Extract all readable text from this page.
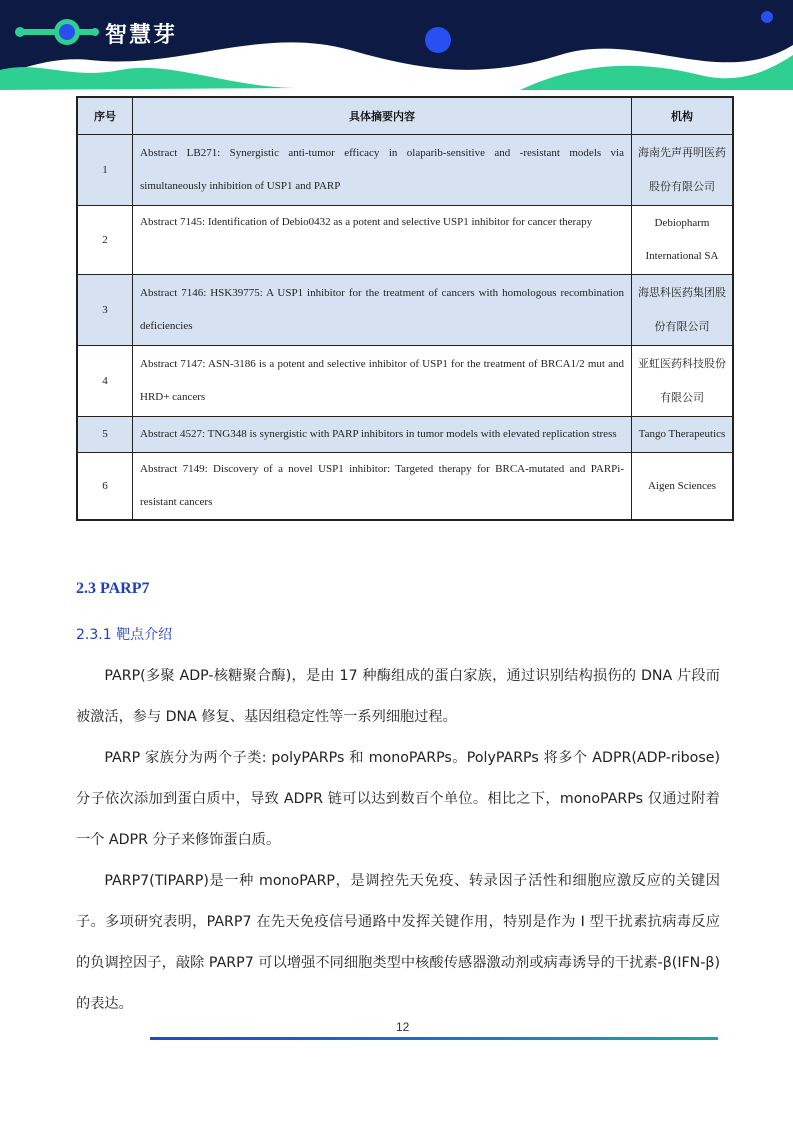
智慧芽
序号	具体摘要内容	机构
1	Abstract LB271: Synergistic anti-tumor efficacy in olaparib-sensitive and -resistant models via simultaneously inhibition of USP1 and PARP	海南先声再明医药股份有限公司
2	Abstract 7145: Identification of Debio0432 as a potent and selective USP1 inhibitor for cancer therapy	Debiopharm International SA
3	Abstract 7146: HSK39775: A USP1 inhibitor for the treatment of cancers with homologous recombination deficiencies	海思科医药集团股份有限公司
4	Abstract 7147: ASN-3186 is a potent and selective inhibitor of USP1 for the treatment of BRCA1/2 mut and HRD+ cancers	亚虹医药科技股份有限公司
5	Abstract 4527: TNG348 is synergistic with PARP inhibitors in tumor models with elevated replication stress	Tango Therapeutics
6	Abstract 7149: Discovery of a novel USP1 inhibitor: Targeted therapy for BRCA-mutated and PARPi-resistant cancers	Aigen Sciences
2.3 PARP7
2.3.1 靶点介绍

PARP(多聚 ADP-核糖聚合酶)，是由 17 种酶组成的蛋白家族，通过识别结构损伤的 DNA 片段而被激活，参与 DNA 修复、基因组稳定性等一系列细胞过程。

PARP 家族分为两个子类: polyPARPs 和 monoPARPs。PolyPARPs 将多个 ADPR(ADP-ribose) 分子依次添加到蛋白质中，导致 ADPR 链可以达到数百个单位。相比之下，monoPARPs 仅通过附着一个 ADPR 分子来修饰蛋白质。

PARP7(TIPARP)是一种 monoPARP，是调控先天免疫、转录因子活性和细胞应激反应的关键因子。多项研究表明，PARP7 在先天免疫信号通路中发挥关键作用，特别是作为 I 型干扰素抗病毒反应的负调控因子，敲除 PARP7 可以增强不同细胞类型中核酸传感器激动剂或病毒诱导的干扰素-β(IFN-β)的表达。

12
